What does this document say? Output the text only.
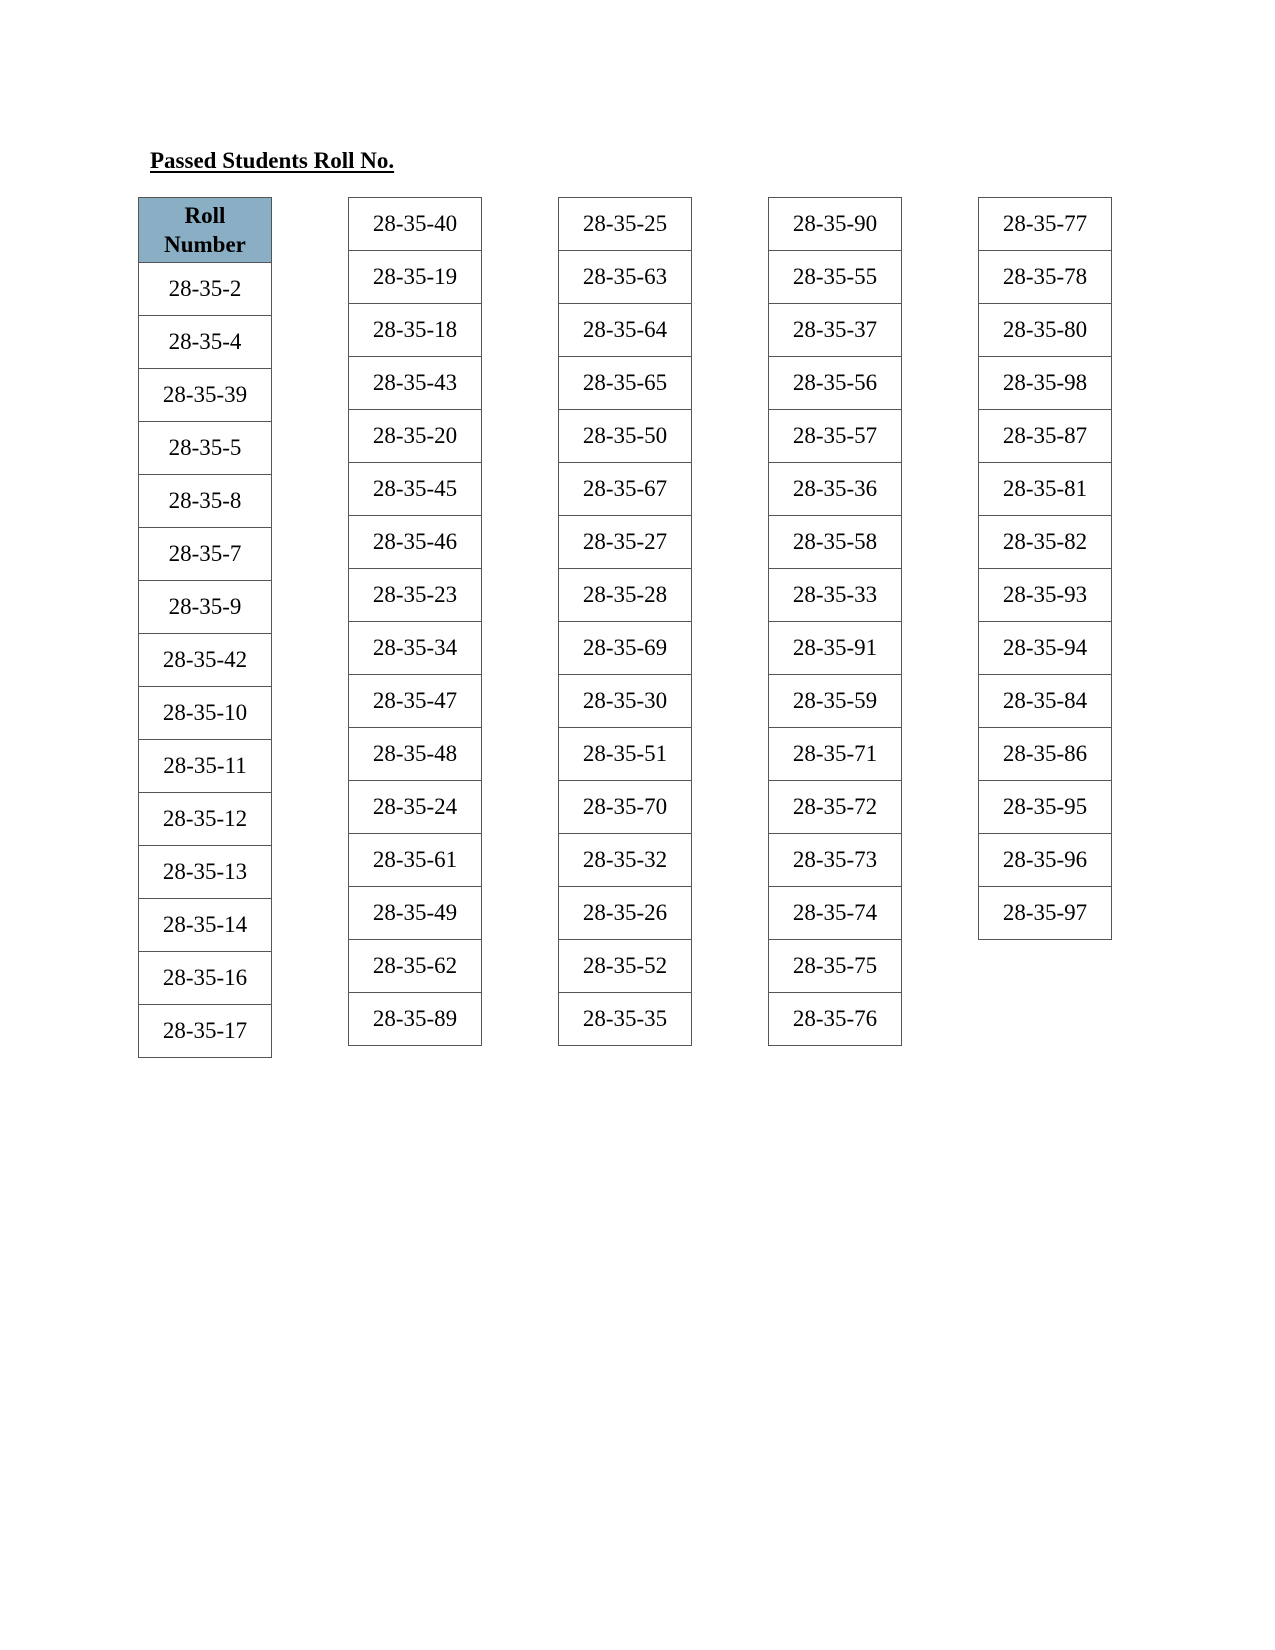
Passed Students Roll No.
Roll
Number
28-35-2
28-35-4
28-35-39
28-35-5
28-35-8
28-35-7
28-35-9
28-35-42
28-35-10
28-35-11
28-35-12
28-35-13
28-35-14
28-35-16
28-35-17
28-35-40
28-35-19
28-35-18
28-35-43
28-35-20
28-35-45
28-35-46
28-35-23
28-35-34
28-35-47
28-35-48
28-35-24
28-35-61
28-35-49
28-35-62
28-35-89
28-35-25
28-35-63
28-35-64
28-35-65
28-35-50
28-35-67
28-35-27
28-35-28
28-35-69
28-35-30
28-35-51
28-35-70
28-35-32
28-35-26
28-35-52
28-35-35
28-35-90
28-35-55
28-35-37
28-35-56
28-35-57
28-35-36
28-35-58
28-35-33
28-35-91
28-35-59
28-35-71
28-35-72
28-35-73
28-35-74
28-35-75
28-35-76
28-35-77
28-35-78
28-35-80
28-35-98
28-35-87
28-35-81
28-35-82
28-35-93
28-35-94
28-35-84
28-35-86
28-35-95
28-35-96
28-35-97
